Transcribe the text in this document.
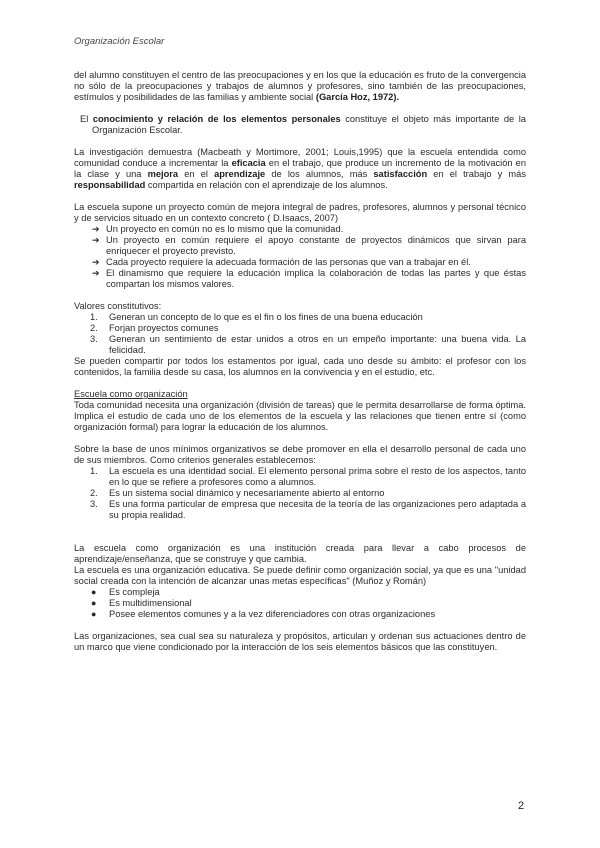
Organización Escolar

del alumno constituyen el centro de las preocupaciones y en los que la educación es fruto de la convergencia no sólo de la preocupaciones y trabajos de alumnos y profesores, sino también de las preocupaciones, estímulos y posibilidades de las familias y ambiente social (García Hoz, 1972).

El conocimiento y relación de los elementos personales constituye el objeto más importante de la Organización Escolar.

La investigación demuestra (Macbeath y Mortimore, 2001; Louis,1995) que la escuela entendida como comunidad conduce a incrementar la eficacia en el trabajo, que produce un incremento de la motivación en la clase y una mejora en el aprendizaje de los alumnos, más satisfacción en el trabajo y más responsabilidad compartida en relación con el aprendizaje de los alumnos.

La escuela supone un proyecto común de mejora integral de padres, profesores, alumnos y personal técnico y de servicios situado en un contexto concreto ( D.Isaacs, 2007)

➔ Un proyecto en común no es lo mismo que la comunidad.
➔ Un proyecto en común requiere el apoyo constante de proyectos dinámicos que sirvan para enriquecer el proyecto previsto.
➔ Cada proyecto requiere la adecuada formación de las personas que van a trabajar en él.
➔ El dinamismo que requiere la educación implica la colaboración de todas las partes y que éstas compartan los mismos valores.

Valores constitutivos:

1. Generan un concepto de lo que es el fin o los fines de una buena educación
2. Forjan proyectos comunes
3. Generan un sentimiento de estar unidos a otros en un empeño importante: una buena vida. La felicidad.

Se pueden compartir por todos los estamentos por igual, cada uno desde su ámbito: el profesor con los contenidos, la familia desde su casa, los alumnos en la convivencia y en el estudio, etc.

Escuela como organización

Toda comunidad necesita una organización (división de tareas) que le permita desarrollarse de forma óptima. Implica el estudio de cada uno de los elementos de la escuela y las relaciones que tienen entre sí (como organización formal) para lograr la educación de los alumnos.

Sobre la base de unos mínimos organizativos se debe promover en ella el desarrollo personal de cada uno de sus miembros. Como criterios generales establecemos:

1. La escuela es una identidad social. El elemento personal prima sobre el resto de los aspectos, tanto en lo que se refiere a profesores como a alumnos.
2. Es un sistema social dinámico y necesariamente abierto al entorno
3. Es una forma particular de empresa que necesita de la teoría de las organizaciones pero adaptada a su propia realidad.

La escuela como organización es una institución creada para llevar a cabo procesos de aprendizaje/enseñanza, que se construye y que cambia.

La escuela es una organización educativa. Se puede definir como organización social, ya que es una "unidad social creada con la intención de alcanzar unas metas específicas" (Muñoz y Román)

● Es compleja
● Es multidimensional
● Posee elementos comunes y a la vez diferenciadores con otras organizaciones

Las organizaciones, sea cual sea su naturaleza y propósitos, articulan y ordenan sus actuaciones dentro de un marco que viene condicionado por la interacción de los seis elementos básicos que las constituyen.

2
